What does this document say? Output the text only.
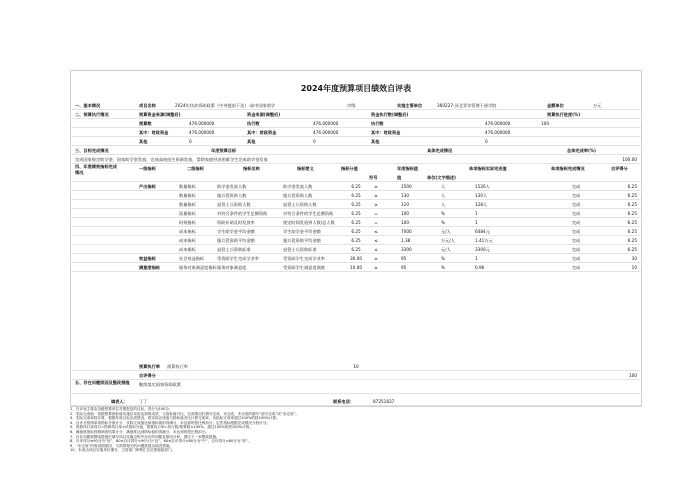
2024年度预算项目绩效自评表
一、基本情况	项目名称	2024年扶贫资助政策（中央提前下达）-高中国家助学	市级	实施主管单位	360227-河北青年管理干部学院	金额单位	万元
二、预算执行情况	预算资金来源(调整后)	资金来源(调整后)	资金执行数(调整后)	预算执行进度(%)
预算数	476.000000	执行数	476.000000	执行数	476.000000	100
其中：财政资金	476.000000	其中：财政资金	476.000000	其中：财政资金	476.000000
其他	0	其他	0	其他	0
三、目标完成情况	年度预算目标	具体完成情况	总体完成率(%)
完成国家规定助学金、国家助学金发放，完成高校招生资助发放，帮助家庭经济困难学生完成助学金发放	100.00
四、年度绩效指标完成情况
一级指标	二级指标	指标名称	指标要义	指标分值	年度指标值	单项指标实际完成值	单项指标完成情况	自评得分
符号	值	单位(文字描述)
产出指标	数量指标	助学金发放人数	助学金发放人数	6.25	≥	1500	人	1526人	完成	6.25
数量指标	服兵役资助人数	服兵役资助人数	6.25	≥	130	人	130人	完成	6.25
数量指标	退役士兵资助人数	退役士兵资助人数	6.25	≥	120	人	128人	完成	6.25
质量指标	对符合条件的学生足额资助	对符合条件的学生足额资助	6.25	=	100	%	1	完成	6.25
时效指标	资助补助及时发放率	规定时间发放到人数/总人数	6.25	=	100	%	1	完成	6.25
成本指标	学生助学金平均金额	学生助学金平均金额	6.25	≤	7000	元/人	6484元	完成	6.25
成本指标	服兵役资助平均金额	服兵役资助平均金额	6.25	≤	1.38	万元/人	1.41万元	完成	6.25
成本指标	退役士兵资助标准	退役士兵资助标准	6.25	≤	3300	元/人	3300元	完成	6.25
效益指标	社会效益指标	受资助学生完成学业率	受资助学生完成学业率	30.00	≥	95	%	1	完成	30
满意度指标	服务对象满意度指标 服务对象满意度	受资助学生满意度调查	10.00	≥	95	%	0.96	完成	10
预算执行率	预算执行率	10
自评得分	100
五、存在问题原因及整改措施	继续落实国家资助政策
填表人：	丁丁	联系电话：	87251837
1、自评表主要由各级预算单位对照批复的目标，得分为100分。
2、实际完成值：依据预算指标值实施后实际达到的成效，与指标值对比，完成情况栏填写完成、未完成，未完成的填写“部分完成”或“未完成”。
3、实际完成率按计算，根据年度目标完成情况，将实际完成值与指标值对比计算完成率，各指标完成率超过100%的按100%计算。
4、自评分按照单项指标分值计分，实际完成值达到指标值的得满分，未达到的按比例扣分；定性指标根据完成情况分档计分。
5、预算执行率得分=预算执行率×该指标分值，预算执行率=执行数/预算数×100%，超过100%的按100%计算。
6、满意度指标按照调查结果计分，满意度达到指标值的得满分，未达到的按比例扣分。
7、存在问题和整改措施栏填写项目实施过程中存在的问题及原因分析，提出下一步整改措施。
8、自评得分≥90分为“优”，80≤自评得分<90分为“良”，60≤自评得分<80分为“中”，自评得分<60分为“差”。
9、“未完成”的需说明原因，与预算相关的问题需提出改进措施。
10、本表由项目实施单位填写，主管部门审核汇总后报财政部门。
